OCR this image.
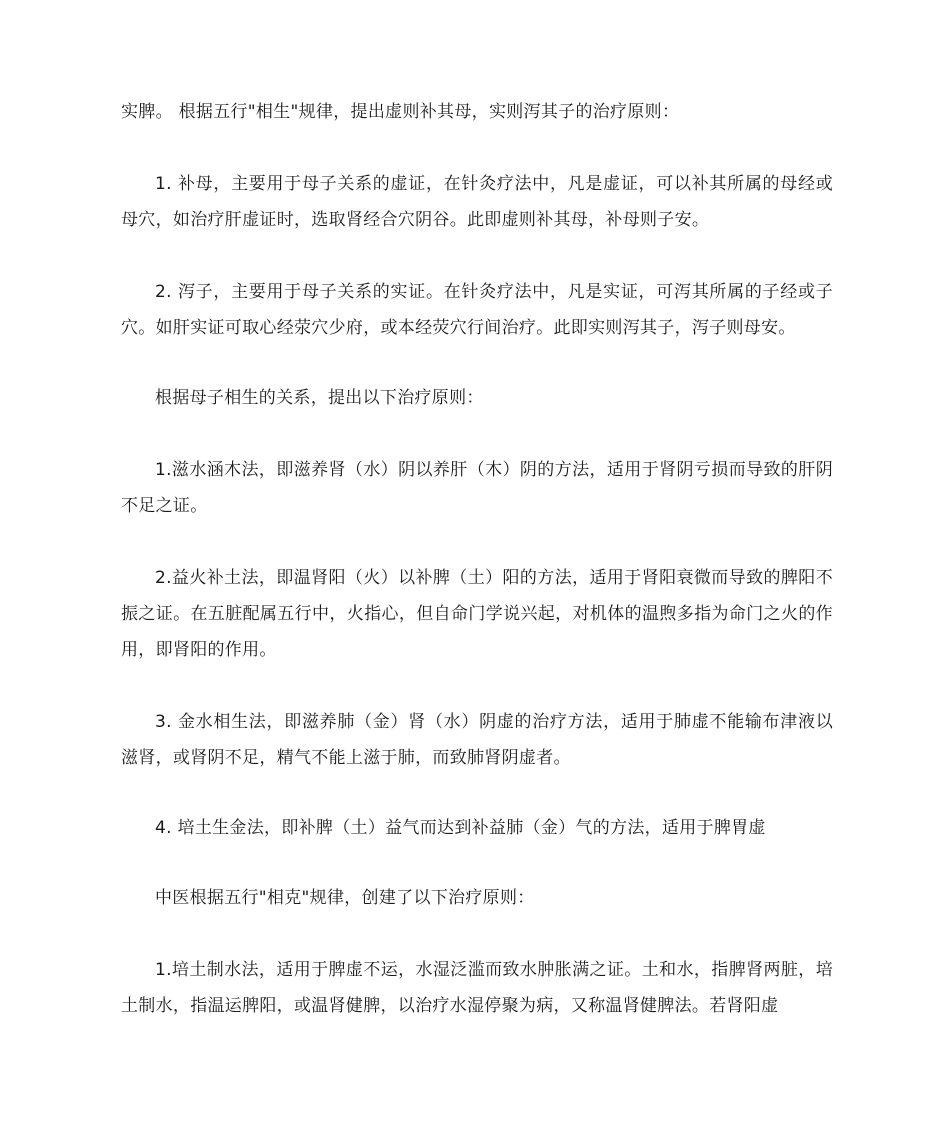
实脾。 根据五行"相生"规律，提出虚则补其母，实则泻其子的治疗原则：

1. 补母，主要用于母子关系的虚证，在针灸疗法中，凡是虚证，可以补其所属的母经或母穴，如治疗肝虚证时，选取肾经合穴阴谷。此即虚则补其母，补母则子安。

2. 泻子，主要用于母子关系的实证。在针灸疗法中，凡是实证，可泻其所属的子经或子穴。如肝实证可取心经荥穴少府，或本经荧穴行间治疗。此即实则泻其子，泻子则母安。

根据母子相生的关系，提出以下治疗原则：

1.滋水涵木法，即滋养肾（水）阴以养肝（木）阴的方法，适用于肾阴亏损而导致的肝阴不足之证。

2.益火补土法，即温肾阳（火）以补脾（土）阳的方法，适用于肾阳衰微而导致的脾阳不振之证。在五脏配属五行中，火指心，但自命门学说兴起，对机体的温煦多指为命门之火的作用，即肾阳的作用。

3. 金水相生法，即滋养肺（金）肾（水）阴虚的治疗方法，适用于肺虚不能输布津液以滋肾，或肾阴不足，精气不能上滋于肺，而致肺肾阴虚者。

4. 培土生金法，即补脾（土）益气而达到补益肺（金）气的方法，适用于脾胃虚

中医根据五行"相克"规律，创建了以下治疗原则：

1.培土制水法，适用于脾虚不运，水湿泛滥而致水肿胀满之证。土和水，指脾肾两脏，培土制水，指温运脾阳，或温肾健脾，以治疗水湿停聚为病，又称温肾健脾法。若肾阳虚
